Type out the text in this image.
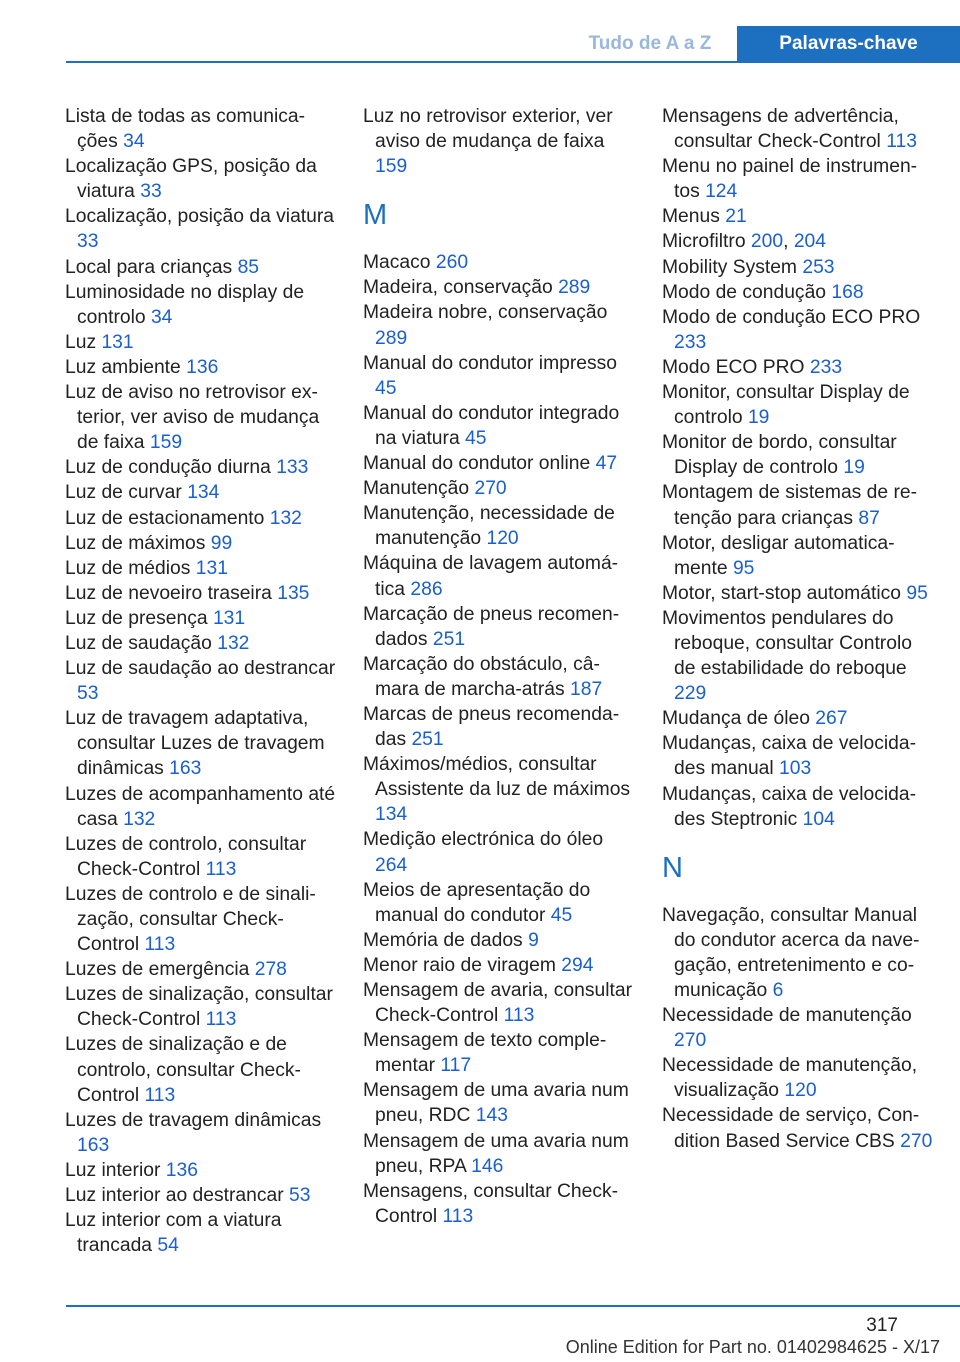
Tudo de A a Z	Palavras-chave

Lista de todas as comunicações 34

Localização GPS, posição da viatura 33

Localização, posição da viatura 33

Local para crianças 85

Luminosidade no display de controlo 34

Luz 131

Luz ambiente 136

Luz de aviso no retrovisor exterior, ver aviso de mudança de faixa 159

Luz de condução diurna 133

Luz de curvar 134

Luz de estacionamento 132

Luz de máximos 99

Luz de médios 131

Luz de nevoeiro traseira 135

Luz de presença 131

Luz de saudação 132

Luz de saudação ao destrancar 53

Luz de travagem adaptativa, consultar Luzes de travagem dinâmicas 163

Luzes de acompanhamento até casa 132

Luzes de controlo, consultar Check-Control 113

Luzes de controlo e de sinalização, consultar Check-Control 113

Luzes de emergência 278

Luzes de sinalização, consultar Check-Control 113

Luzes de sinalização e de controlo, consultar Check-Control 113

Luzes de travagem dinâmicas 163

Luz interior 136

Luz interior ao destrancar 53

Luz interior com a viatura trancada 54

Luz no retrovisor exterior, ver aviso de mudança de faixa 159

M

Macaco 260

Madeira, conservação 289

Madeira nobre, conservação 289

Manual do condutor impresso 45

Manual do condutor integrado na viatura 45

Manual do condutor online 47

Manutenção 270

Manutenção, necessidade de manutenção 120

Máquina de lavagem automática 286

Marcação de pneus recomendados 251

Marcação do obstáculo, câmara de marcha-atrás 187

Marcas de pneus recomendadas 251

Máximos/médios, consultar Assistente da luz de máximos 134

Medição electrónica do óleo 264

Meios de apresentação do manual do condutor 45

Memória de dados 9

Menor raio de viragem 294

Mensagem de avaria, consultar Check-Control 113

Mensagem de texto complementar 117

Mensagem de uma avaria num pneu, RDC 143

Mensagem de uma avaria num pneu, RPA 146

Mensagens, consultar Check-Control 113

Mensagens de advertência, consultar Check-Control 113

Menu no painel de instrumentos 124

Menus 21

Microfiltro 200, 204

Mobility System 253

Modo de condução 168

Modo de condução ECO PRO 233

Modo ECO PRO 233

Monitor, consultar Display de controlo 19

Monitor de bordo, consultar Display de controlo 19

Montagem de sistemas de retenção para crianças 87

Motor, desligar automaticamente 95

Motor, start-stop automático 95

Movimentos pendulares do reboque, consultar Controlo de estabilidade do reboque 229

Mudança de óleo 267

Mudanças, caixa de velocidades manual 103

Mudanças, caixa de velocidades Steptronic 104

N

Navegação, consultar Manual do condutor acerca da navegação, entretenimento e comunicação 6

Necessidade de manutenção 270

Necessidade de manutenção, visualização 120

Necessidade de serviço, Condition Based Service CBS 270

317
Online Edition for Part no. 01402984625 - X/17
